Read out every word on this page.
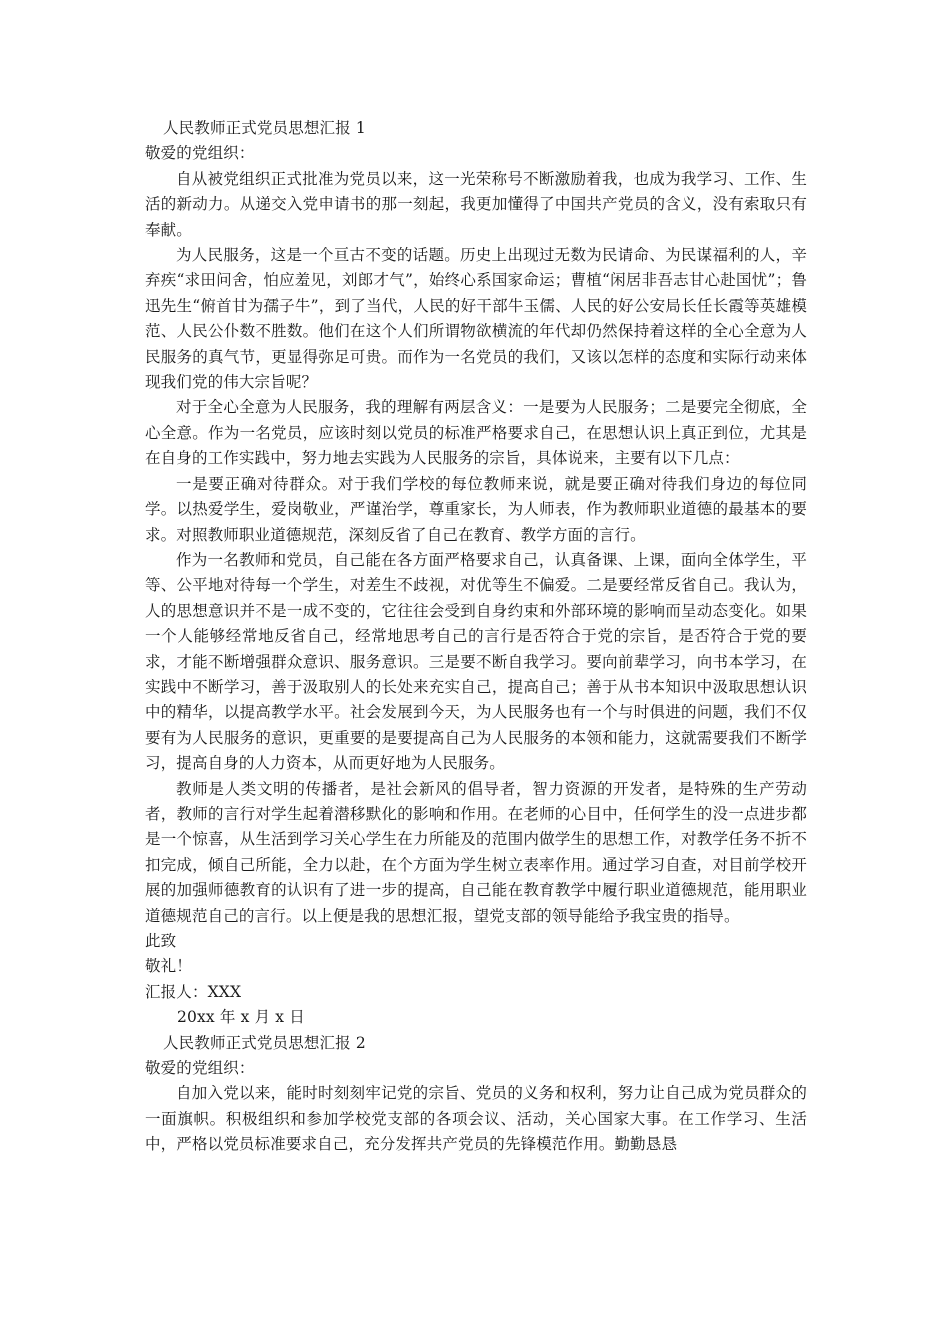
人民教师正式党员思想汇报 1

敬爱的党组织：

自从被党组织正式批准为党员以来，这一光荣称号不断激励着我，也成为我学习、工作、生活的新动力。从递交入党申请书的那一刻起，我更加懂得了中国共产党员的含义，没有索取只有奉献。

为人民服务，这是一个亘古不变的话题。历史上出现过无数为民请命、为民谋福利的人，辛弃疾“求田问舍，怕应羞见，刘郎才气”，始终心系国家命运；曹植“闲居非吾志甘心赴国忧”；鲁迅先生“俯首甘为孺子牛”，到了当代，人民的好干部牛玉儒、人民的好公安局长任长霞等英雄模范、人民公仆数不胜数。他们在这个人们所谓物欲横流的年代却仍然保持着这样的全心全意为人民服务的真气节，更显得弥足可贵。而作为一名党员的我们，又该以怎样的态度和实际行动来体现我们党的伟大宗旨呢？

对于全心全意为人民服务，我的理解有两层含义：一是要为人民服务；二是要完全彻底，全心全意。作为一名党员，应该时刻以党员的标准严格要求自己，在思想认识上真正到位，尤其是在自身的工作实践中，努力地去实践为人民服务的宗旨，具体说来，主要有以下几点：

一是要正确对待群众。对于我们学校的每位教师来说，就是要正确对待我们身边的每位同学。以热爱学生，爱岗敬业，严谨治学，尊重家长，为人师表，作为教师职业道德的最基本的要求。对照教师职业道德规范，深刻反省了自己在教育、教学方面的言行。

作为一名教师和党员，自己能在各方面严格要求自己，认真备课、上课，面向全体学生，平等、公平地对待每一个学生，对差生不歧视，对优等生不偏爱。二是要经常反省自己。我认为，人的思想意识并不是一成不变的，它往往会受到自身约束和外部环境的影响而呈动态变化。如果一个人能够经常地反省自己，经常地思考自己的言行是否符合于党的宗旨，是否符合于党的要求，才能不断增强群众意识、服务意识。三是要不断自我学习。要向前辈学习，向书本学习，在实践中不断学习，善于汲取别人的长处来充实自己，提高自己；善于从书本知识中汲取思想认识中的精华，以提高教学水平。社会发展到今天，为人民服务也有一个与时俱进的问题，我们不仅要有为人民服务的意识，更重要的是要提高自己为人民服务的本领和能力，这就需要我们不断学习，提高自身的人力资本，从而更好地为人民服务。

教师是人类文明的传播者，是社会新风的倡导者，智力资源的开发者，是特殊的生产劳动者，教师的言行对学生起着潜移默化的影响和作用。在老师的心目中，任何学生的没一点进步都是一个惊喜，从生活到学习关心学生在力所能及的范围内做学生的思想工作，对教学任务不折不扣完成，倾自己所能，全力以赴，在个方面为学生树立表率作用。通过学习自查，对目前学校开展的加强师德教育的认识有了进一步的提高，自己能在教育教学中履行职业道德规范，能用职业道德规范自己的言行。以上便是我的思想汇报，望党支部的领导能给予我宝贵的指导。

此致

敬礼！

汇报人：XXX

20xx 年 x 月 x 日

人民教师正式党员思想汇报 2

敬爱的党组织：

自加入党以来，能时时刻刻牢记党的宗旨、党员的义务和权利，努力让自己成为党员群众的一面旗帜。积极组织和参加学校党支部的各项会议、活动，关心国家大事。在工作学习、生活中，严格以党员标准要求自己，充分发挥共产党员的先锋模范作用。勤勤恳恳
